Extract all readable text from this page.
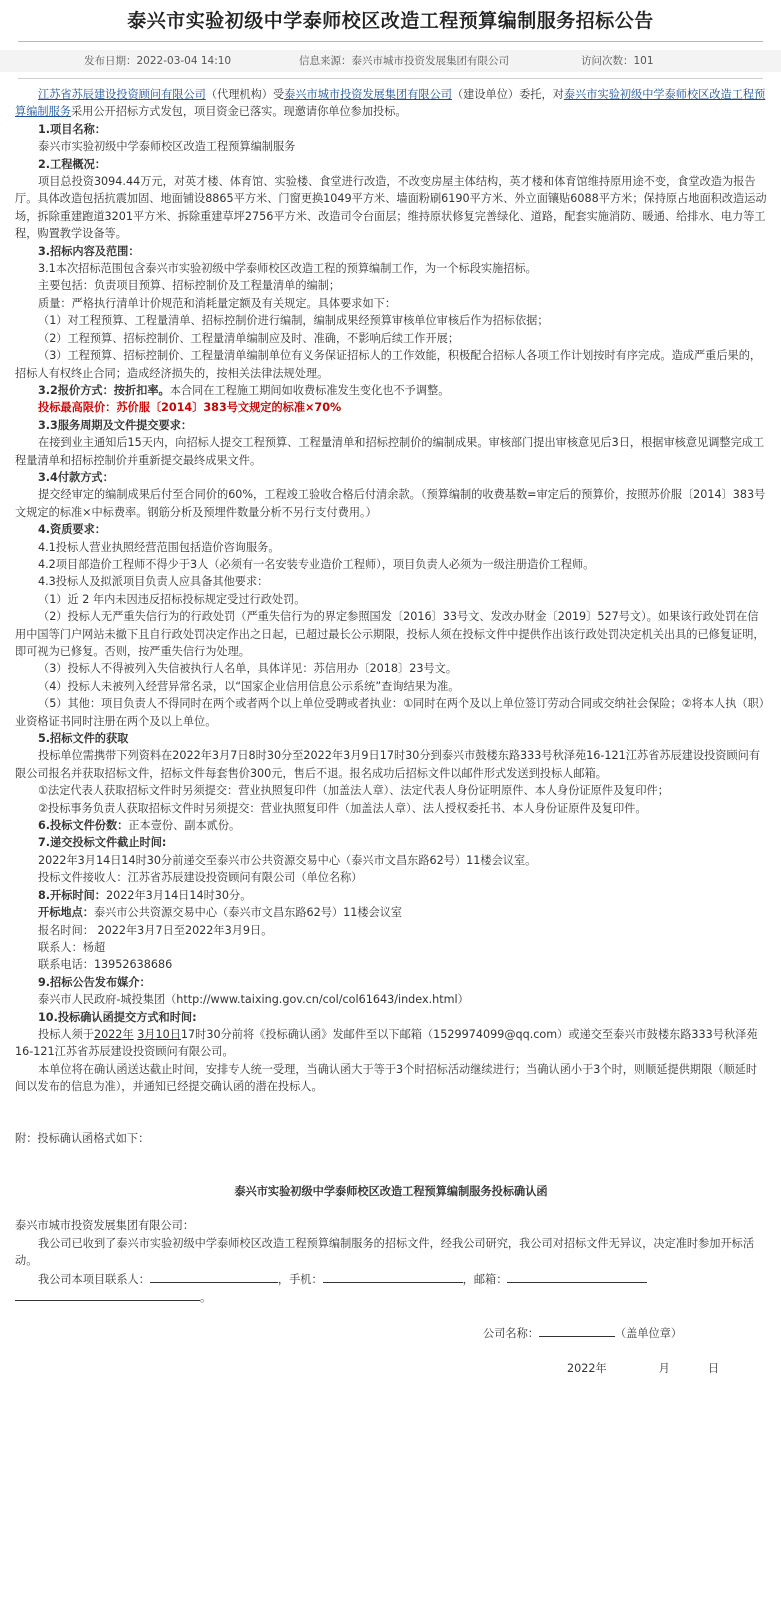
泰兴市实验初级中学泰师校区改造工程预算编制服务招标公告
发布日期：2022-03-04 14:10	信息来源：泰兴市城市投资发展集团有限公司	访问次数：101

江苏省苏辰建设投资顾问有限公司（代理机构）受泰兴市城市投资发展集团有限公司（建设单位）委托，对泰兴市实验初级中学泰师校区改造工程预算编制服务采用公开招标方式发包，项目资金已落实。现邀请你单位参加投标。

1.项目名称：

泰兴市实验初级中学泰师校区改造工程预算编制服务

2.工程概况：

项目总投资3094.44万元，对英才楼、体育馆、实验楼、食堂进行改造，不改变房屋主体结构，英才楼和体育馆维持原用途不变，食堂改造为报告厅。具体改造包括抗震加固、地面铺设8865平方米、门窗更换1049平方米、墙面粉刷6190平方米、外立面镶贴6088平方米；保持原占地面积改造运动场，拆除重建跑道3201平方米、拆除重建草坪2756平方米、改造司令台面层；维持原状修复完善绿化、道路，配套实施消防、暖通、给排水、电力等工程，购置教学设备等。

3.招标内容及范围：

3.1本次招标范围包含泰兴市实验初级中学泰师校区改造工程的预算编制工作，为一个标段实施招标。

主要包括：负责项目预算、招标控制价及工程量清单的编制；

质量：严格执行清单计价规范和消耗量定额及有关规定。具体要求如下：

（1）对工程预算、工程量清单、招标控制价进行编制，编制成果经预算审核单位审核后作为招标依据；

（2）工程预算、招标控制价、工程量清单编制应及时、准确，不影响后续工作开展；

（3）工程预算、招标控制价、工程量清单编制单位有义务保证招标人的工作效能，积极配合招标人各项工作计划按时有序完成。造成严重后果的，招标人有权终止合同；造成经济损失的，按相关法律法规处理。

3.2报价方式：按折扣率。本合同在工程施工期间如收费标准发生变化也不予调整。

投标最高限价：苏价服〔2014〕383号文规定的标准×70%

3.3服务周期及文件提交要求：

在接到业主通知后15天内，向招标人提交工程预算、工程量清单和招标控制价的编制成果。审核部门提出审核意见后3日，根据审核意见调整完成工程量清单和招标控制价并重新提交最终成果文件。

3.4付款方式：

提交经审定的编制成果后付至合同价的60%，工程竣工验收合格后付清余款。（预算编制的收费基数=审定后的预算价，按照苏价服〔2014〕383号文规定的标准×中标费率。钢筋分析及预埋件数量分析不另行支付费用。）

4.资质要求：

4.1投标人营业执照经营范围包括造价咨询服务。

4.2项目部造价工程师不得少于3人（必须有一名安装专业造价工程师），项目负责人必须为一级注册造价工程师。

4.3投标人及拟派项目负责人应具备其他要求：

（1）近 2 年内未因违反招标投标规定受过行政处罚。

（2）投标人无严重失信行为的行政处罚（严重失信行为的界定参照国发〔2016〕33号文、发改办财金〔2019〕527号文）。如果该行政处罚在信用中国等门户网站未撤下且自行政处罚决定作出之日起，已超过最长公示期限，投标人须在投标文件中提供作出该行政处罚决定机关出具的已修复证明，即可视为已修复。否则，按严重失信行为处理。

（3）投标人不得被列入失信被执行人名单，具体详见：苏信用办〔2018〕23号文。

（4）投标人未被列入经营异常名录，以“国家企业信用信息公示系统”查询结果为准。

（5）其他：项目负责人不得同时在两个或者两个以上单位受聘或者执业：①同时在两个及以上单位签订劳动合同或交纳社会保险；②将本人执（职）业资格证书同时注册在两个及以上单位。

5.招标文件的获取

投标单位需携带下列资料在2022年3月7日8时30分至2022年3月9日17时30分到泰兴市鼓楼东路333号秋泽苑16-121江苏省苏辰建设投资顾问有限公司报名并获取招标文件，招标文件每套售价300元，售后不退。报名成功后招标文件以邮件形式发送到投标人邮箱。

①法定代表人获取招标文件时另须提交：营业执照复印件（加盖法人章）、法定代表人身份证明原件、本人身份证原件及复印件；

②投标事务负责人获取招标文件时另须提交：营业执照复印件（加盖法人章）、法人授权委托书、本人身份证原件及复印件。

6.投标文件份数：正本壹份、副本贰份。

7.递交投标文件截止时间:

2022年3月14日14时30分前递交至泰兴市公共资源交易中心（泰兴市文昌东路62号）11楼会议室。

投标文件接收人：江苏省苏辰建设投资顾问有限公司（单位名称）

8.开标时间：2022年3月14日14时30分。

开标地点：泰兴市公共资源交易中心（泰兴市文昌东路62号）11楼会议室

报名时间： 2022年3月7日至2022年3月9日。

联系人：杨超

联系电话：13952638686

9.招标公告发布媒介：

泰兴市人民政府-城投集团（http://www.taixing.gov.cn/col/col61643/index.html）

10.投标确认函提交方式和时间:

投标人须于2022年 3月10日17时30分前将《投标确认函》发邮件至以下邮箱（1529974099@qq.com）或递交至泰兴市鼓楼东路333号秋泽苑16-121江苏省苏辰建设投资顾问有限公司。

本单位将在确认函送达截止时间，安排专人统一受理，当确认函大于等于3个时招标活动继续进行；当确认函小于3个时，则顺延提供期限（顺延时间以发布的信息为准），并通知已经提交确认函的潜在投标人。

附：投标确认函格式如下：

泰兴市实验初级中学泰师校区改造工程预算编制服务投标确认函

泰兴市城市投资发展集团有限公司：

我公司已收到了泰兴市实验初级中学泰师校区改造工程预算编制服务的招标文件，经我公司研究，我公司对招标文件无异议，决定准时参加开标活动。

我公司本项目联系人：	，手机：	，邮箱：

。

公司名称：	（盖单位章）

2022年	月	日
